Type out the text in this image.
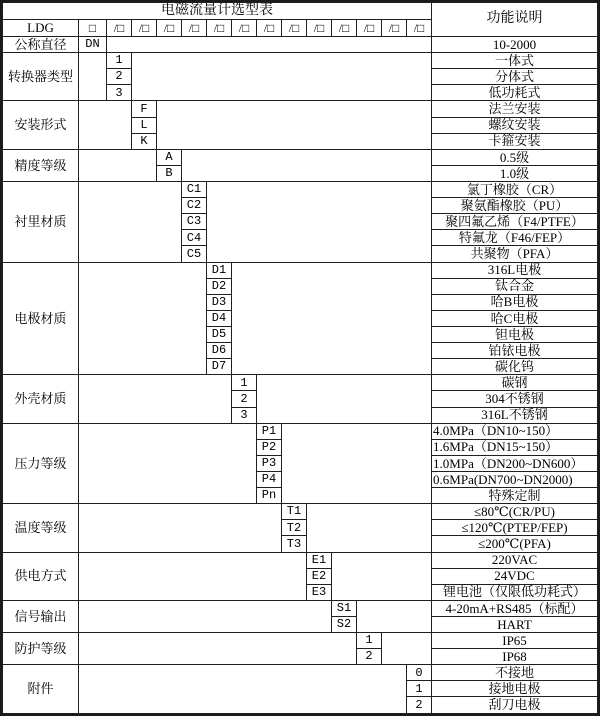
电磁流量计选型表															功能说明
LDG	□	/□	/□	/□	/□	/□	/□	/□	/□	/□	/□	/□	/□	/□	
公称直径	DN														10-2000
转换器类型		1													一体式
		2													分体式
		3													低功耗式
安装形式			F												法兰安装
			L												螺纹安装
			K												卡箍安装
精度等级				A											0.5级
				B											1.0级
衬里材质					C1										氯丁橡胶（CR）
					C2										聚氨酯橡胶（PU）
					C3										聚四氟乙烯（F4/PTFE）
					C4										特氟龙（F46/FEP）
					C5										共聚物（PFA）
电极材质						D1									316L电极
						D2									钛合金
						D3									哈B电极
						D4									哈C电极
						D5									钽电极
						D6									铂铱电极
						D7									碳化钨
外壳材质							1								碳钢
							2								304不锈钢
							3								316L不锈钢
压力等级								P1							4.0MPa（DN10~150）
								P2							1.6MPa（DN15~150）
								P3							1.0MPa（DN200~DN600）
								P4							0.6MPa(DN700~DN2000)
								Pn							特殊定制
温度等级									T1						≤80℃(CR/PU)
									T2						≤120℃(PTEP/FEP)
									T3						≤200℃(PFA)
供电方式										E1					220VAC
										E2					24VDC
										E3					锂电池（仅限低功耗式）
信号输出											S1				4-20mA+RS485（标配）
											S2				HART
防护等级												1			IP65
												2			IP68
附件														0	不接地
														1	接地电极
														2	刮刀电极
